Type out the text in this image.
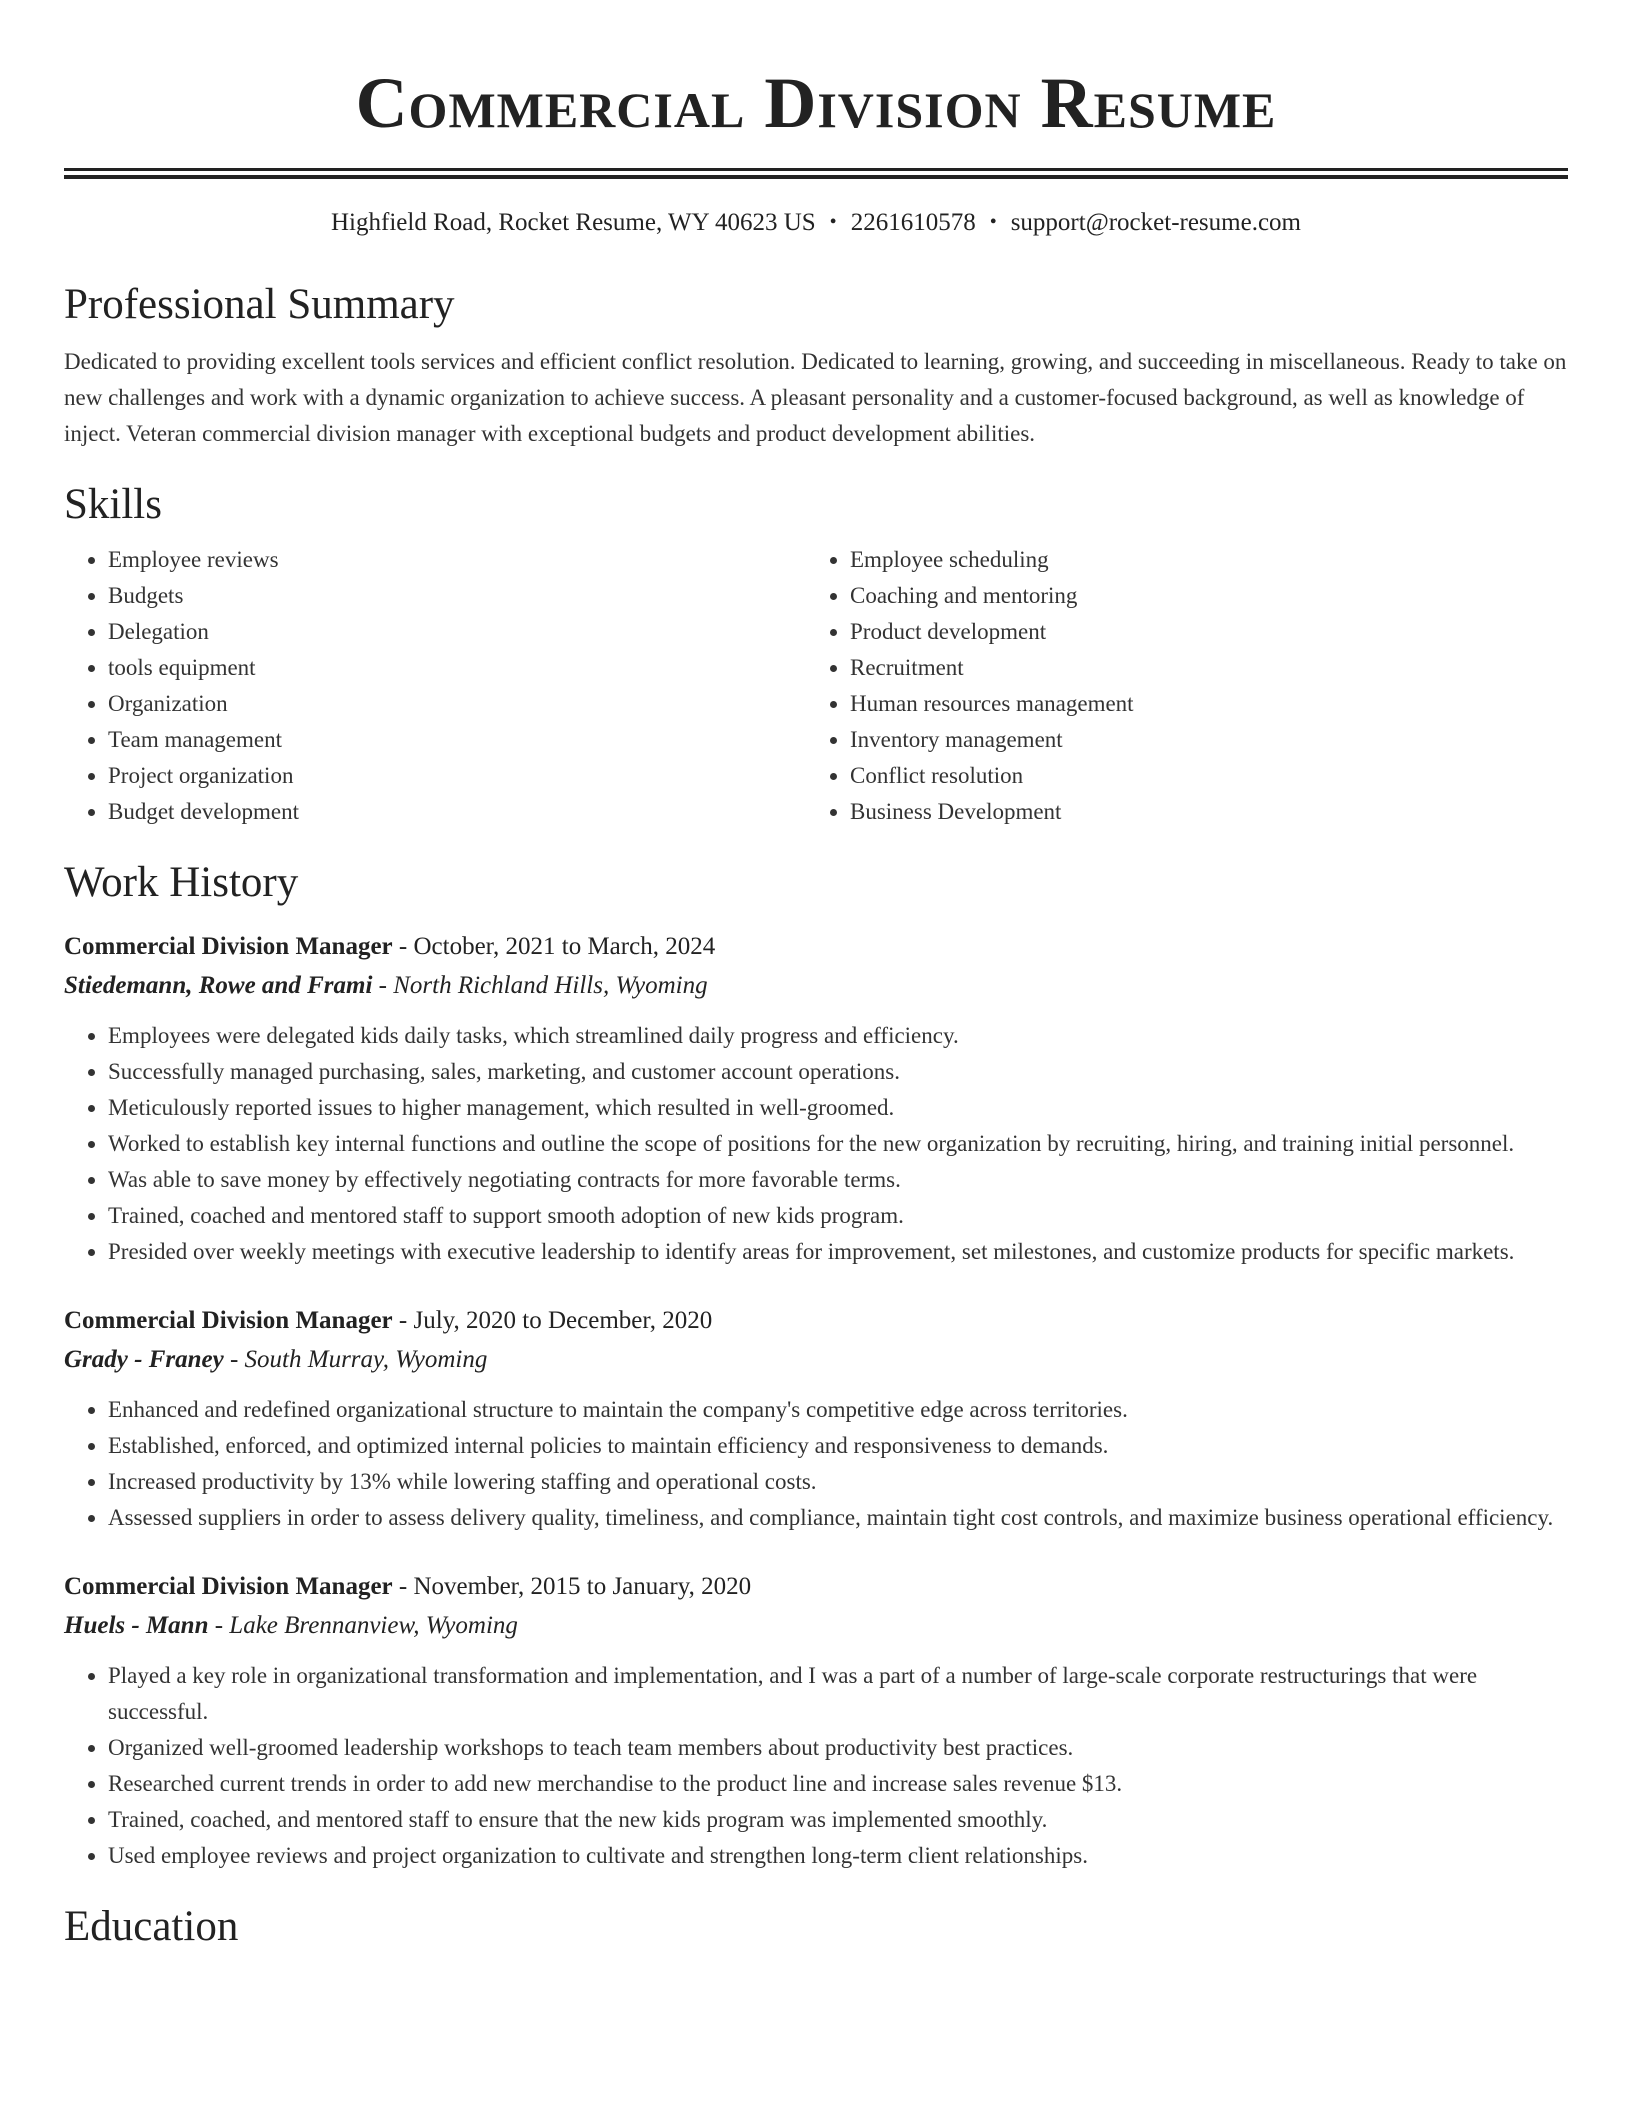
Commercial Division Resume
Highfield Road, Rocket Resume, WY 40623 US • 2261610578 • support@rocket-resume.com
Professional Summary

Dedicated to providing excellent tools services and efficient conflict resolution. Dedicated to learning, growing, and succeeding in miscellaneous. Ready to take on new challenges and work with a dynamic organization to achieve success. A pleasant personality and a customer-focused background, as well as knowledge of inject. Veteran commercial division manager with exceptional budgets and product development abilities.

Skills
• Employee reviews
• Budgets
• Delegation
• tools equipment
• Organization
• Team management
• Project organization
• Budget development
• Employee scheduling
• Coaching and mentoring
• Product development
• Recruitment
• Human resources management
• Inventory management
• Conflict resolution
• Business Development
Work History
Commercial Division Manager - October, 2021 to March, 2024
Stiedemann, Rowe and Frami - North Richland Hills, Wyoming
• Employees were delegated kids daily tasks, which streamlined daily progress and efficiency.
• Successfully managed purchasing, sales, marketing, and customer account operations.
• Meticulously reported issues to higher management, which resulted in well-groomed.
• Worked to establish key internal functions and outline the scope of positions for the new organization by recruiting, hiring, and training initial personnel.
• Was able to save money by effectively negotiating contracts for more favorable terms.
• Trained, coached and mentored staff to support smooth adoption of new kids program.
• Presided over weekly meetings with executive leadership to identify areas for improvement, set milestones, and customize products for specific markets.
Commercial Division Manager - July, 2020 to December, 2020
Grady - Franey - South Murray, Wyoming
• Enhanced and redefined organizational structure to maintain the company's competitive edge across territories.
• Established, enforced, and optimized internal policies to maintain efficiency and responsiveness to demands.
• Increased productivity by 13% while lowering staffing and operational costs.
• Assessed suppliers in order to assess delivery quality, timeliness, and compliance, maintain tight cost controls, and maximize business operational efficiency.
Commercial Division Manager - November, 2015 to January, 2020
Huels - Mann - Lake Brennanview, Wyoming
• Played a key role in organizational transformation and implementation, and I was a part of a number of large-scale corporate restructurings that were successful.
• Organized well-groomed leadership workshops to teach team members about productivity best practices.
• Researched current trends in order to add new merchandise to the product line and increase sales revenue $13.
• Trained, coached, and mentored staff to ensure that the new kids program was implemented smoothly.
• Used employee reviews and project organization to cultivate and strengthen long-term client relationships.
Education
